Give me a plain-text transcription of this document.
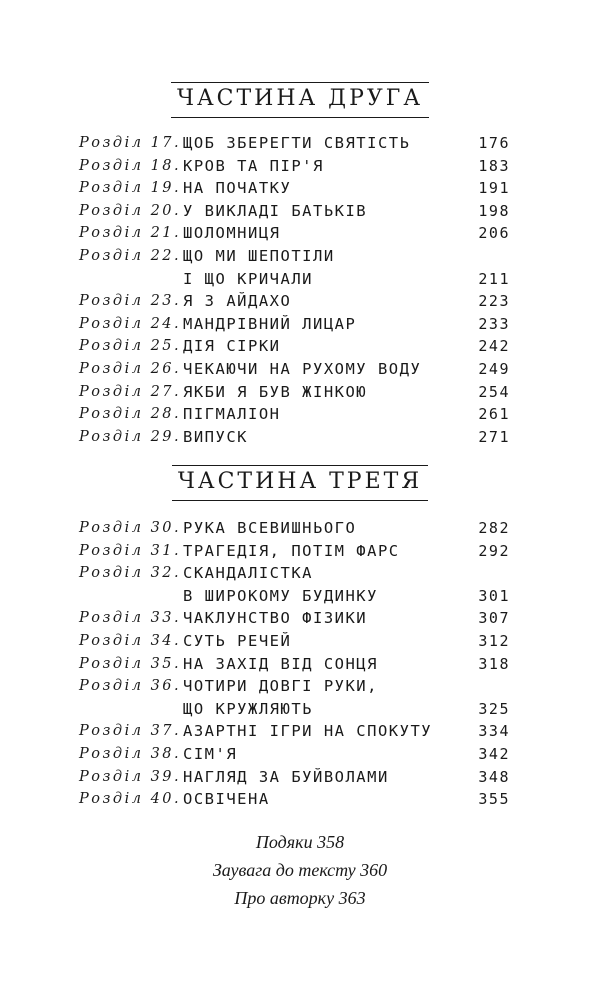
ЧАСТИНА ДРУГА
Розділ 17. ЩОБ ЗБЕРЕГТИ СВЯТІСТЬ	176
Розділ 18. КРОВ ТА ПІР'Я	183
Розділ 19. НА ПОЧАТКУ	191
Розділ 20. У ВИКЛАДІ БАТЬКІВ	198
Розділ 21. ШОЛОМНИЦЯ	206
Розділ 22. ЩО МИ ШЕПОТІЛИ
І ЩО КРИЧАЛИ	211
Розділ 23. Я З АЙДАХО	223
Розділ 24. МАНДРІВНИЙ ЛИЦАР	233
Розділ 25. ДІЯ СІРКИ	242
Розділ 26. ЧЕКАЮЧИ НА РУХОМУ ВОДУ	249
Розділ 27. ЯКБИ Я БУВ ЖІНКОЮ	254
Розділ 28. ПІГМАЛІОН	261
Розділ 29. ВИПУСК	271
ЧАСТИНА ТРЕТЯ
Розділ 30. РУКА ВСЕВИШНЬОГО	282
Розділ 31. ТРАГЕДІЯ, ПОТІМ ФАРС	292
Розділ 32. СКАНДАЛІСТКА
В ШИРОКОМУ БУДИНКУ	301
Розділ 33. ЧАКЛУНСТВО ФІЗИКИ	307
Розділ 34. СУТЬ РЕЧЕЙ	312
Розділ 35. НА ЗАХІД ВІД СОНЦЯ	318
Розділ 36. ЧОТИРИ ДОВГІ РУКИ,
ЩО КРУЖЛЯЮТЬ	325
Розділ 37. АЗАРТНІ ІГРИ НА СПОКУТУ	334
Розділ 38. СІМ'Я	342
Розділ 39. НАГЛЯД ЗА БУЙВОЛАМИ	348
Розділ 40. ОСВІЧЕНА	355
Подяки 358
Заувага до тексту 360
Про авторку 363
